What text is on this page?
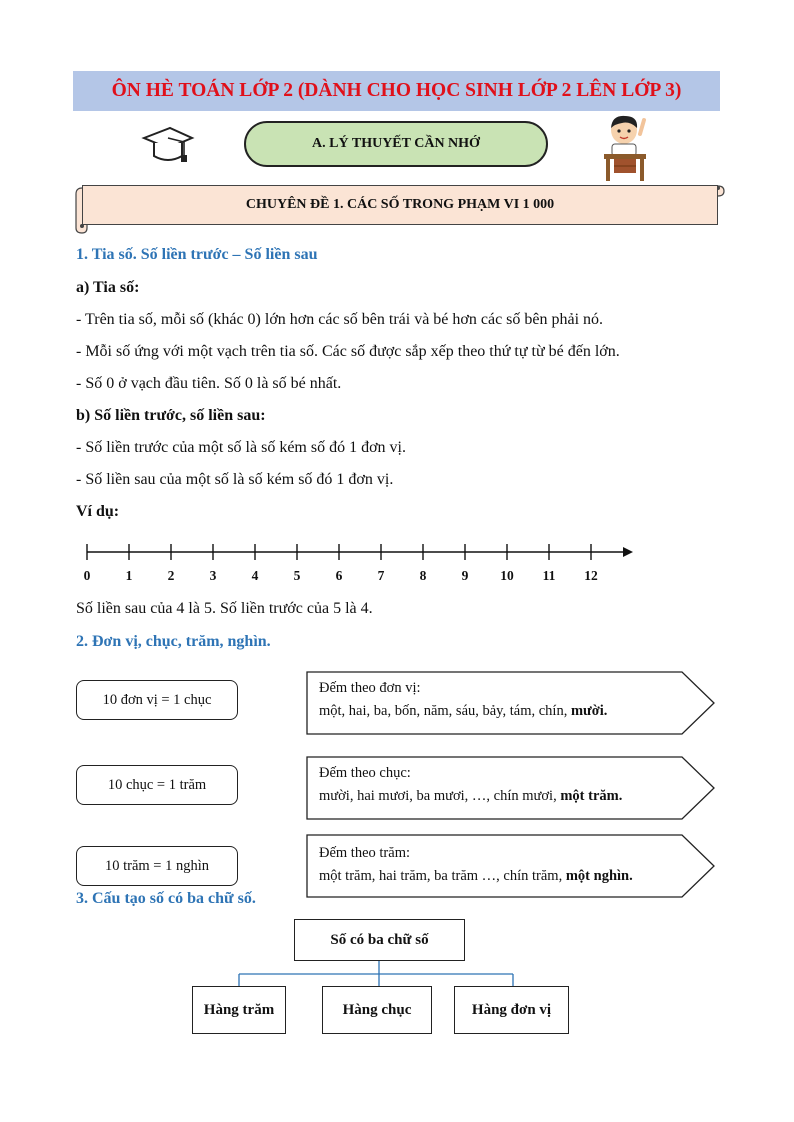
ÔN HÈ TOÁN LỚP 2 (DÀNH CHO HỌC SINH LỚP 2 LÊN LỚP 3)
A. LÝ THUYẾT CẦN NHỚ
CHUYÊN ĐỀ 1. CÁC SỐ TRONG PHẠM VI 1 000
1. Tia số. Số liền trước – Số liền sau
a) Tia số:
- Trên tia số, mỗi số (khác 0) lớn hơn các số bên trái và bé hơn các số bên phải nó.
- Mỗi số ứng với một vạch trên tia số. Các số được sắp xếp theo thứ tự từ bé đến lớn.
- Số 0 ở vạch đầu tiên. Số 0 là số bé nhất.
b) Số liền trước, số liền sau:
- Số liền trước của một số là số kém số đó 1 đơn vị.
- Số liền sau của một số là số kém số đó 1 đơn vị.
Ví dụ:
0	1	2	3	4	5	6	7	8	9 10 11 12
Số liền sau của 4 là 5. Số liền trước của 5 là 4.
2. Đơn vị, chục, trăm, nghìn.
10 đơn vị = 1 chục
Đếm theo đơn vị:
một, hai, ba, bốn, năm, sáu, bảy, tám, chín, mười.
10 chục = 1 trăm
Đếm theo chục:
mười, hai mươi, ba mươi, …, chín mươi, một trăm.
10 trăm = 1 nghìn
Đếm theo trăm:
một trăm, hai trăm, ba trăm …, chín trăm, một nghìn.
3. Cấu tạo số có ba chữ số.
Số có ba chữ số
Hàng trăm	Hàng chục	Hàng đơn vị
